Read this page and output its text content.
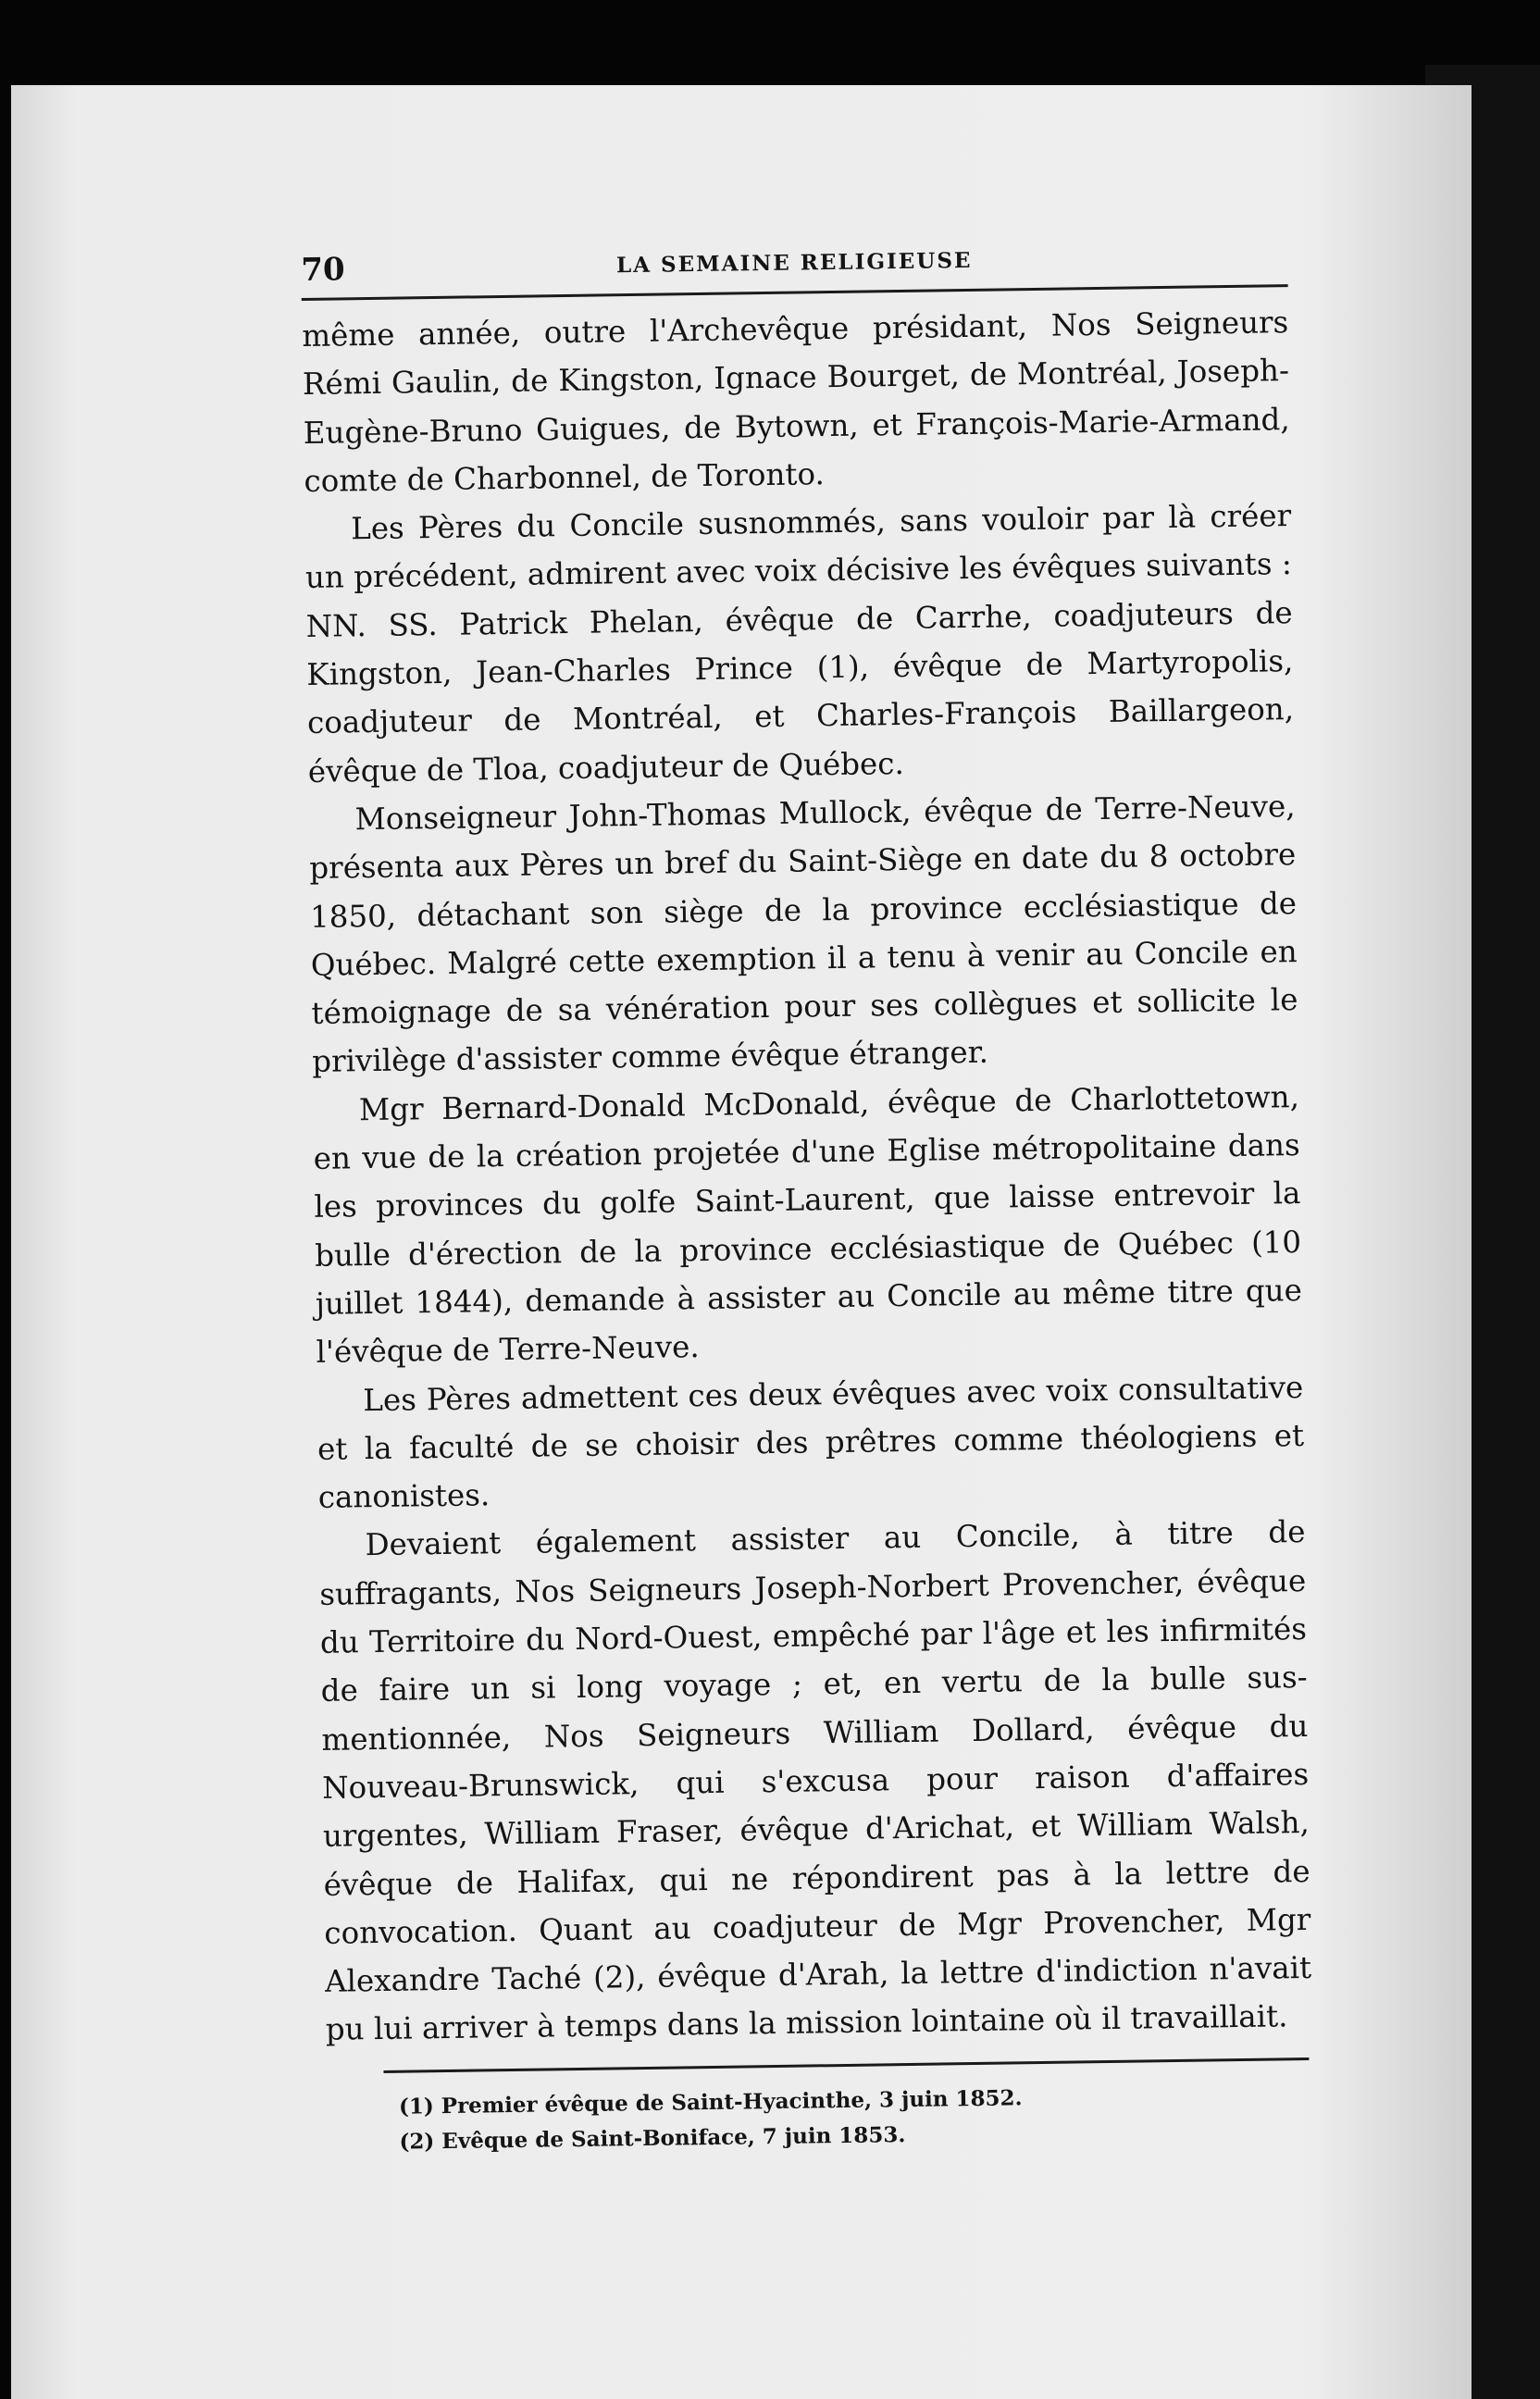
70	LA SEMAINE RELIGIEUSE

même année, outre l'Archevêque présidant, Nos Seigneurs Rémi Gaulin, de Kingston, Ignace Bourget, de Montréal, Joseph-Eugène-Bruno Guigues, de Bytown, et François-Marie-Armand, comte de Charbonnel, de Toronto.

Les Pères du Concile susnommés, sans vouloir par là créer un précédent, admirent avec voix décisive les évêques suivants : NN. SS. Patrick Phelan, évêque de Carrhe, coadjuteurs de Kingston, Jean-Charles Prince (1), évêque de Martyropolis, coadjuteur de Montréal, et Charles-François Baillargeon, évêque de Tloa, coadjuteur de Québec.

Monseigneur John-Thomas Mullock, évêque de Terre-Neuve, présenta aux Pères un bref du Saint-Siège en date du 8 octobre 1850, détachant son siège de la province ecclésiastique de Québec. Malgré cette exemption il a tenu à venir au Concile en témoignage de sa vénération pour ses collègues et sollicite le privilège d'assister comme évêque étranger.

Mgr Bernard-Donald McDonald, évêque de Charlottetown, en vue de la création projetée d'une Eglise métropolitaine dans les provinces du golfe Saint-Laurent, que laisse entrevoir la bulle d'érection de la province ecclésiastique de Québec (10 juillet 1844), demande à assister au Concile au même titre que l'évêque de Terre-Neuve.

Les Pères admettent ces deux évêques avec voix consultative et la faculté de se choisir des prêtres comme théologiens et canonistes.

Devaient également assister au Concile, à titre de suffragants, Nos Seigneurs Joseph-Norbert Provencher, évêque du Territoire du Nord-Ouest, empêché par l'âge et les infirmités de faire un si long voyage ; et, en vertu de la bulle sus-mentionnée, Nos Seigneurs William Dollard, évêque du Nouveau-Brunswick, qui s'excusa pour raison d'affaires urgentes, William Fraser, évêque d'Arichat, et William Walsh, évêque de Halifax, qui ne répondirent pas à la lettre de convocation. Quant au coadjuteur de Mgr Provencher, Mgr Alexandre Taché (2), évêque d'Arah, la lettre d'indiction n'avait pu lui arriver à temps dans la mission lointaine où il travaillait.

(1) Premier évêque de Saint-Hyacinthe, 3 juin 1852.
(2) Evêque de Saint-Boniface, 7 juin 1853.
